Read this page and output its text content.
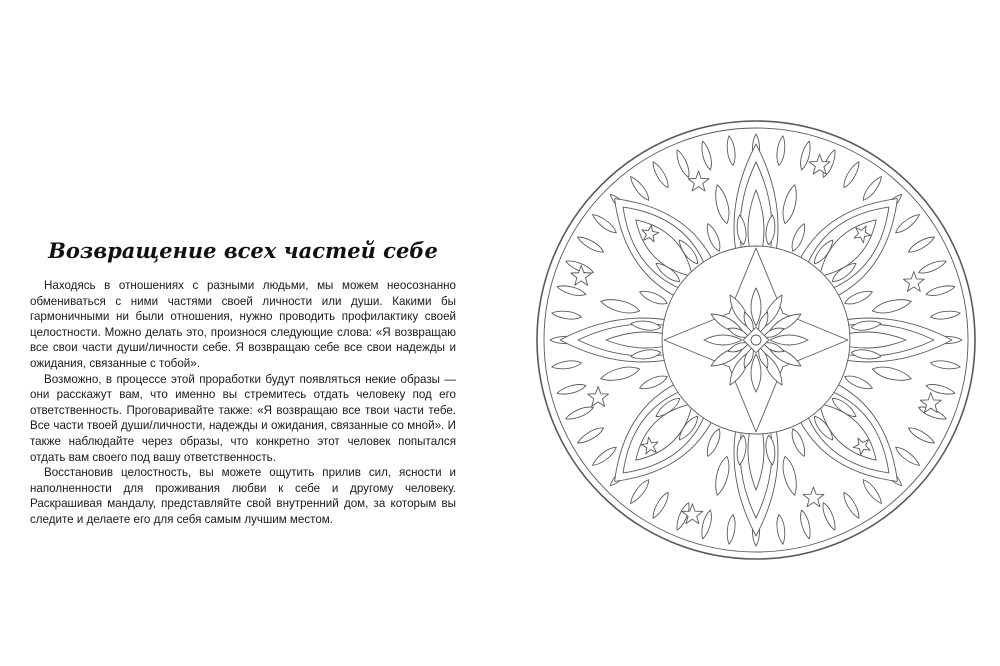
Возвращение всех частей себе

Находясь в отношениях с разными людьми, мы можем неосознанно обмениваться с ними частями своей личности или души. Какими бы гармоничными ни были отношения, нужно проводить профилактику своей целостности. Можно делать это, произнося следующие слова: «Я возвращаю все свои части души/личности себе. Я возвращаю себе все свои надежды и ожидания, связанные с тобой».

Возможно, в процессе этой проработки будут появляться некие образы — они расскажут вам, что именно вы стремитесь отдать человеку под его ответственность. Проговаривайте также: «Я возвращаю все твои части тебе. Все части твоей души/личности, надежды и ожидания, связанные со мной». И также наблюдайте через образы, что конкретно этот человек попытался отдать вам своего под вашу ответственность.

Восстановив целостность, вы можете ощутить прилив сил, ясности и наполненности для проживания любви к себе и другому человеку. Раскрашивая мандалу, представляйте свой внутренний дом, за которым вы следите и делаете его для себя самым лучшим местом.
